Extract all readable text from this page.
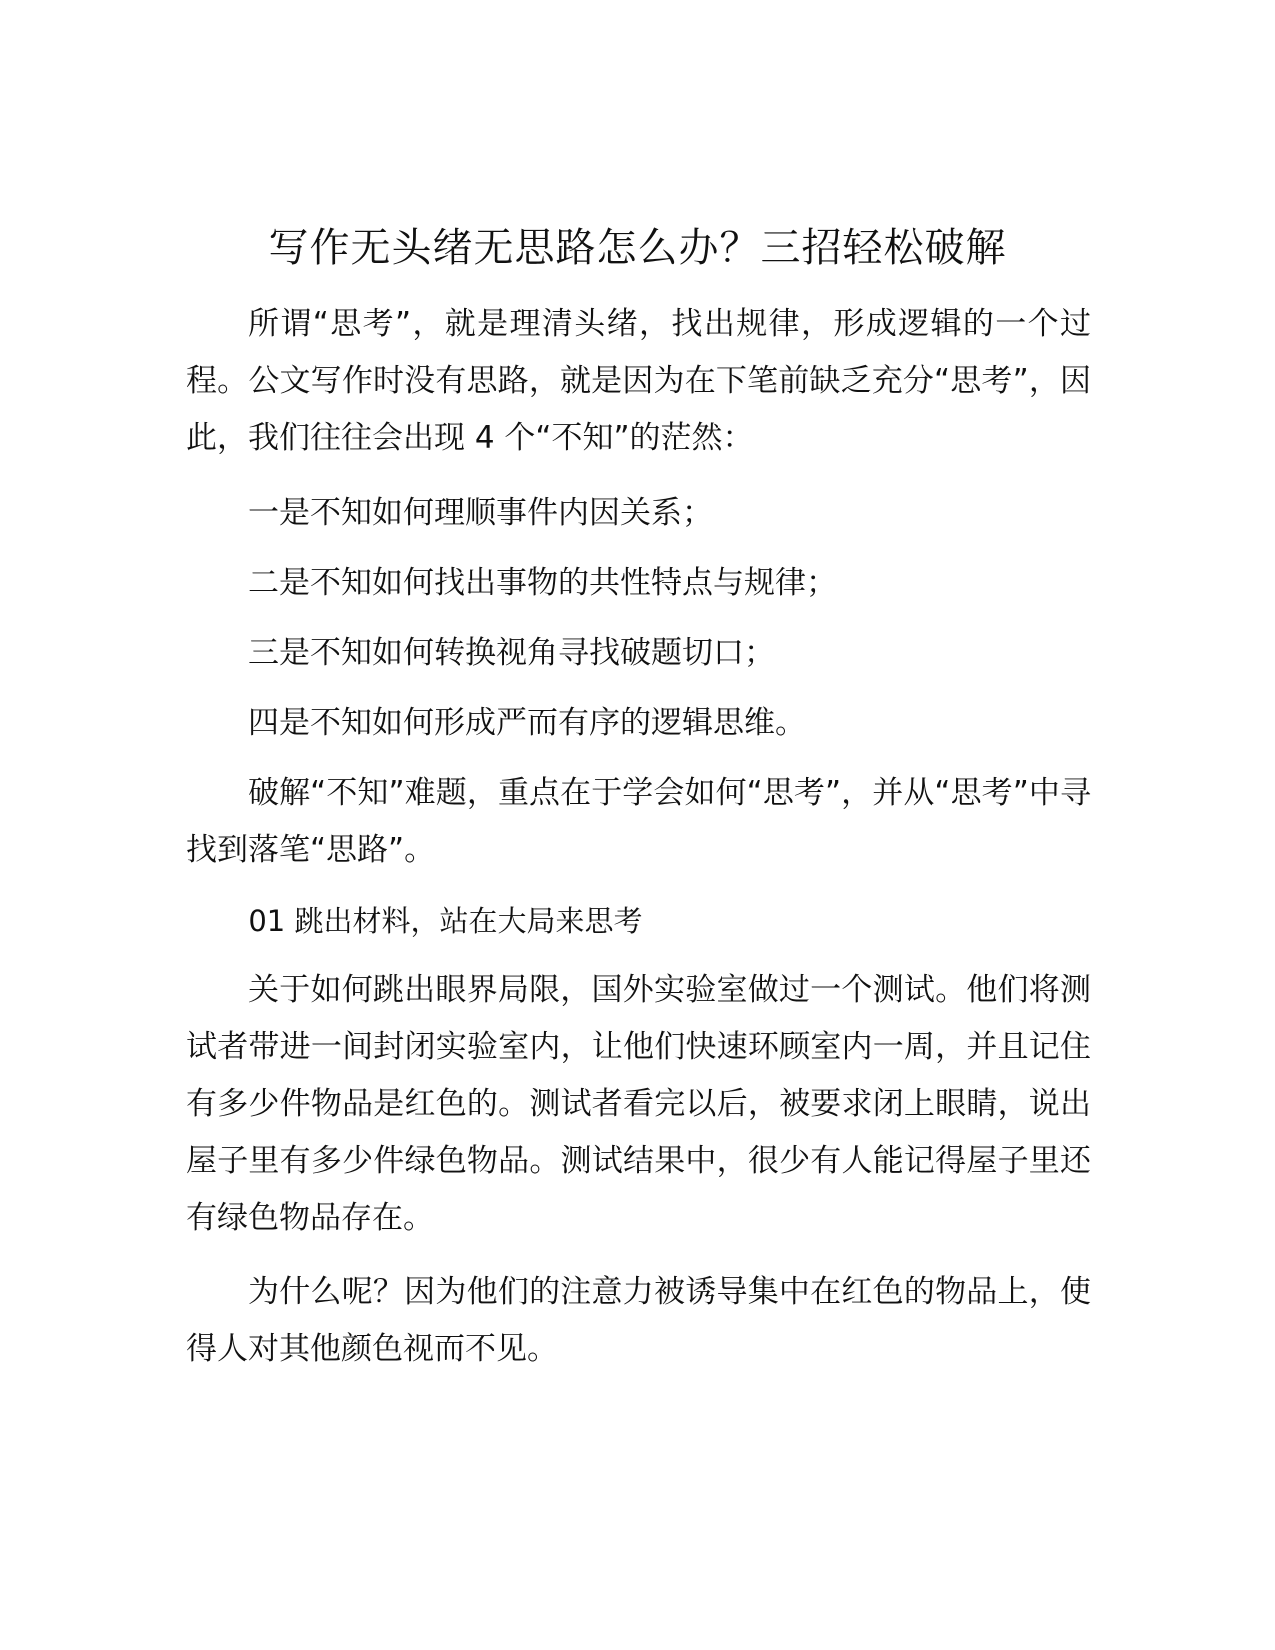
写作无头绪无思路怎么办？三招轻松破解

所谓“思考”，就是理清头绪，找出规律，形成逻辑的一个过程。公文写作时没有思路，就是因为在下笔前缺乏充分“思考”，因此，我们往往会出现 4 个“不知”的茫然：

一是不知如何理顺事件内因关系；

二是不知如何找出事物的共性特点与规律；

三是不知如何转换视角寻找破题切口；

四是不知如何形成严而有序的逻辑思维。

破解“不知”难题，重点在于学会如何“思考”，并从“思考”中寻找到落笔“思路”。

01 跳出材料，站在大局来思考

关于如何跳出眼界局限，国外实验室做过一个测试。他们将测试者带进一间封闭实验室内，让他们快速环顾室内一周，并且记住有多少件物品是红色的。测试者看完以后，被要求闭上眼睛，说出屋子里有多少件绿色物品。测试结果中，很少有人能记得屋子里还有绿色物品存在。

为什么呢？因为他们的注意力被诱导集中在红色的物品上，使得人对其他颜色视而不见。
